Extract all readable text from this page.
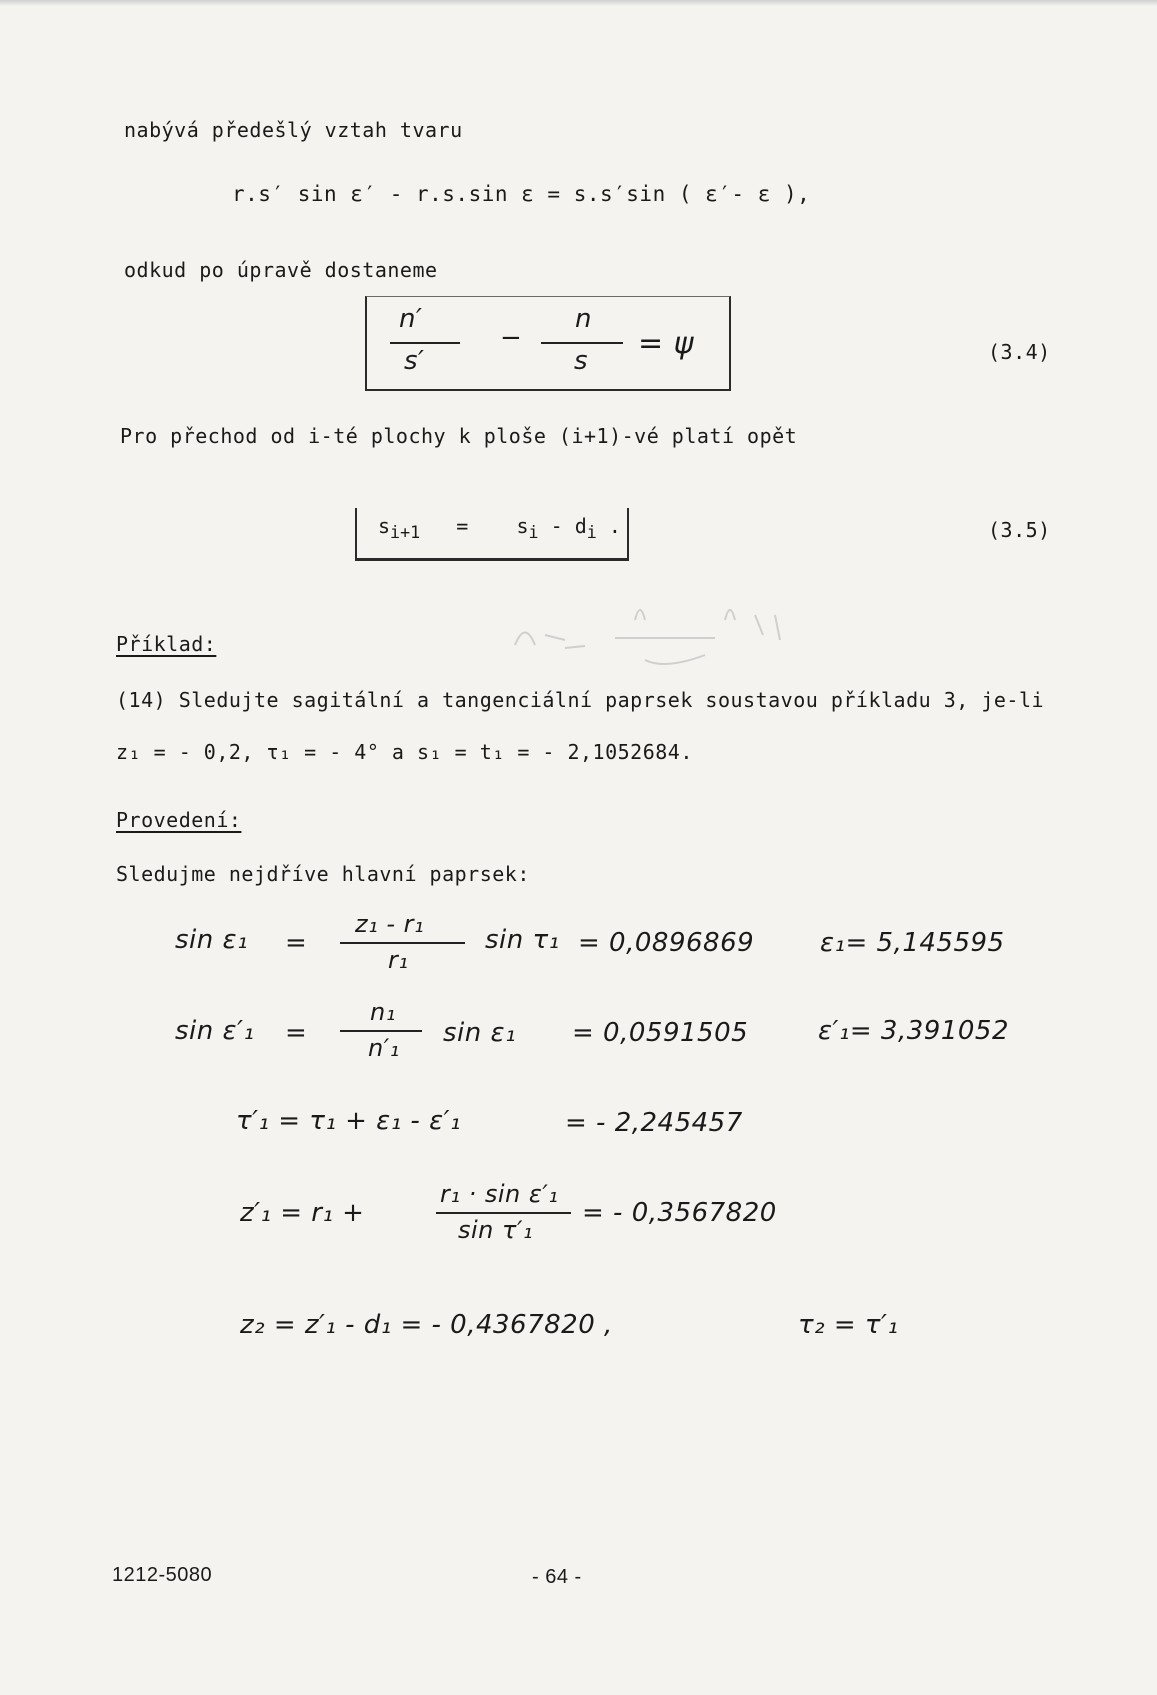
nabývá předešlý vztah tvaru
r.s′ sin ε′ - r.s.sin ε = s.s′sin ( ε′- ε ),
odkud po úpravě dostaneme
n′
s′
−
n
s = ψ	(3.4)
Pro přechod od i-té plochy k ploše (i+1)-vé platí opět
$s_{i+1} = s_i - d_i$ .	(3.5)
Příklad:
(14) Sledujte sagitální a tangenciální paprsek soustavou příkladu 3, je-li
z₁ = - 0,2, τ₁ = - 4° a s₁ = t₁ = - 2,1052684.
Provedení:
Sledujme nejdříve hlavní paprsek:
sin ε₁ =
z₁ - r₁
r₁
sin τ₁ = 0,0896869	ε₁= 5,145595
sin ε′₁ =
n₁
n′₁ sin ε₁ = 0,0591505	ε′₁= 3,391052
τ′₁ = τ₁ + ε₁ - ε′₁	= - 2,245457
z′₁ = r₁ +
r₁ · sin ε′₁
sin τ′₁
= - 0,3567820
z₂ = z′₁ - d₁ = - 0,4367820 ,	τ₂ = τ′₁
1212-5080	- 64 -
